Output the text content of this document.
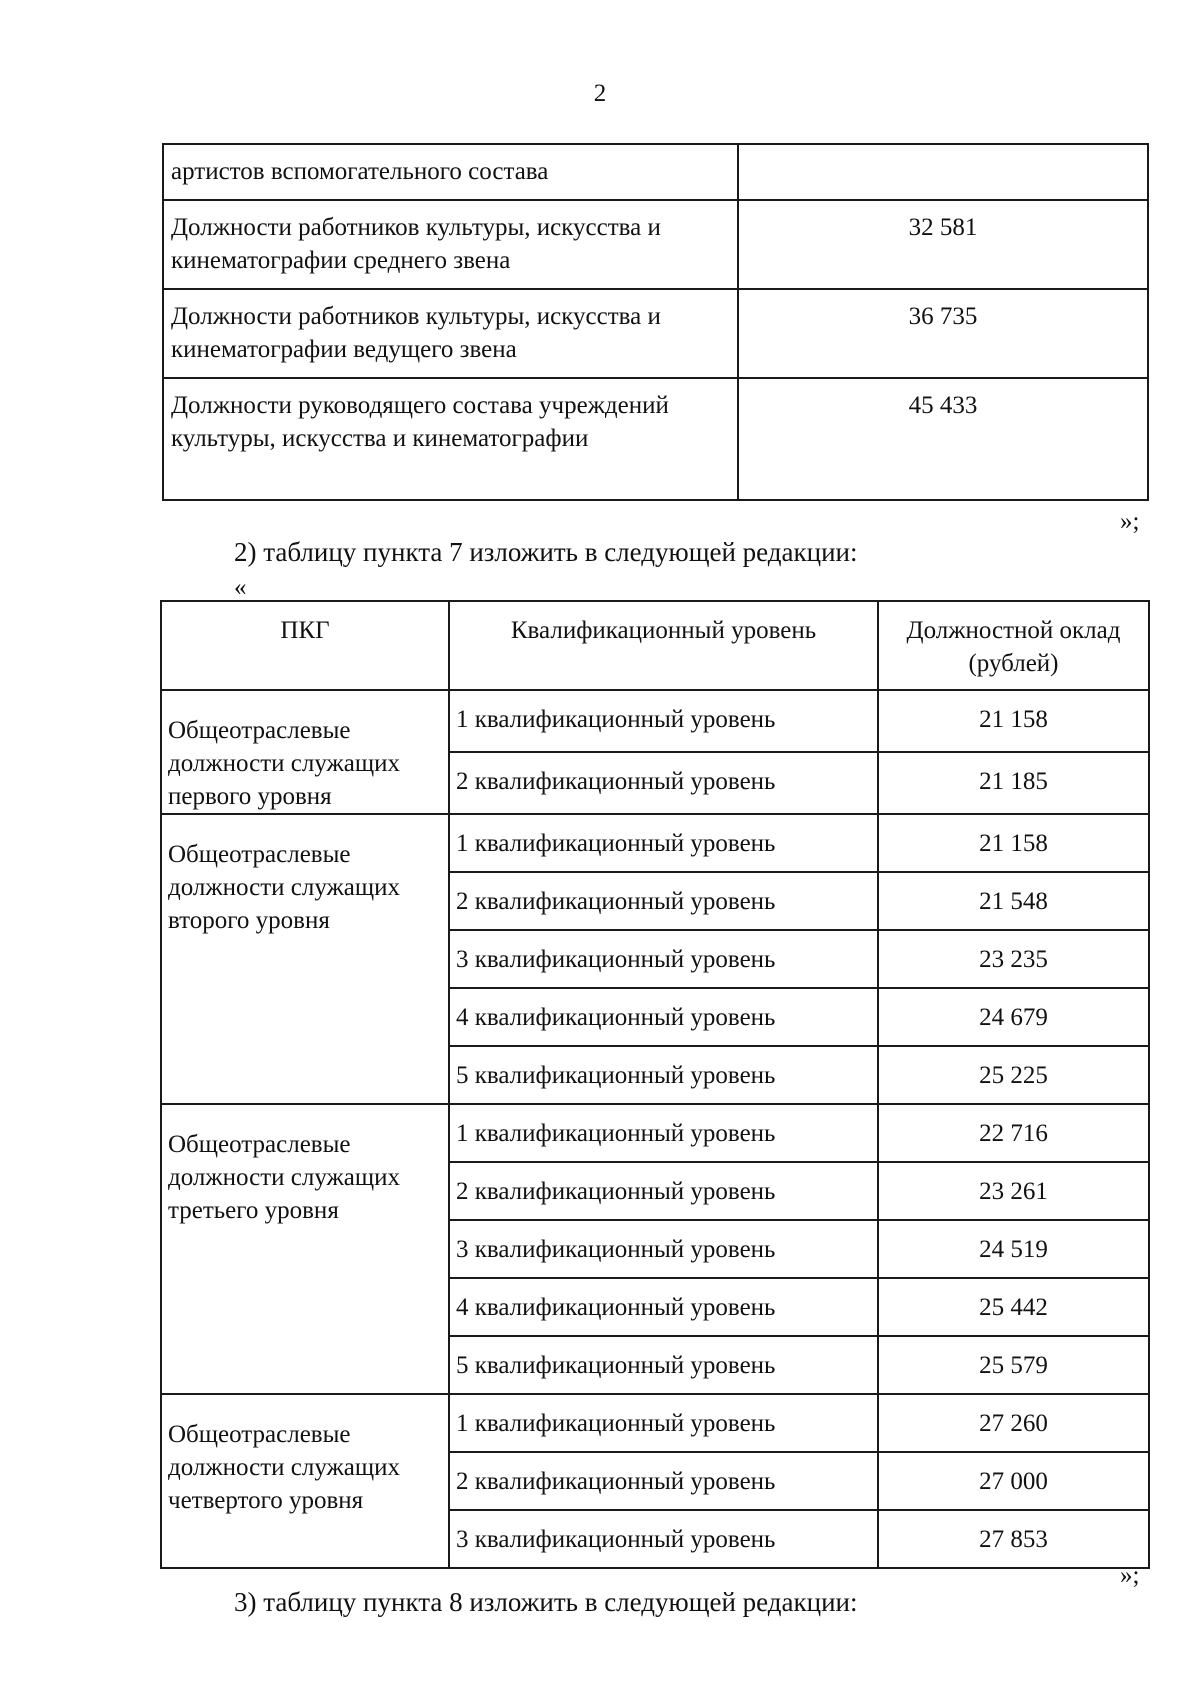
2
артистов вспомогательного состава	
Должности работников культуры, искусства и кинематографии среднего звена	32 581
Должности работников культуры, искусства и кинематографии ведущего звена	36 735
Должности руководящего состава учреждений культуры, искусства и кинематографии	45 433
»;
2) таблицу пункта 7 изложить в следующей редакции:
«
ПКГ	Квалификационный уровень	Должностной оклад (рублей)
Общеотраслевые должности служащих первого уровня	1 квалификационный уровень	21 158
	2 квалификационный уровень	21 185
Общеотраслевые должности служащих второго уровня	1 квалификационный уровень	21 158
	2 квалификационный уровень	21 548
	3 квалификационный уровень	23 235
	4 квалификационный уровень	24 679
	5 квалификационный уровень	25 225
Общеотраслевые должности служащих третьего уровня	1 квалификационный уровень	22 716
	2 квалификационный уровень	23 261
	3 квалификационный уровень	24 519
	4 квалификационный уровень	25 442
	5 квалификационный уровень	25 579
Общеотраслевые должности служащих четвертого уровня	1 квалификационный уровень	27 260
	2 квалификационный уровень	27 000
	3 квалификационный уровень	27 853
»;
3) таблицу пункта 8 изложить в следующей редакции:
